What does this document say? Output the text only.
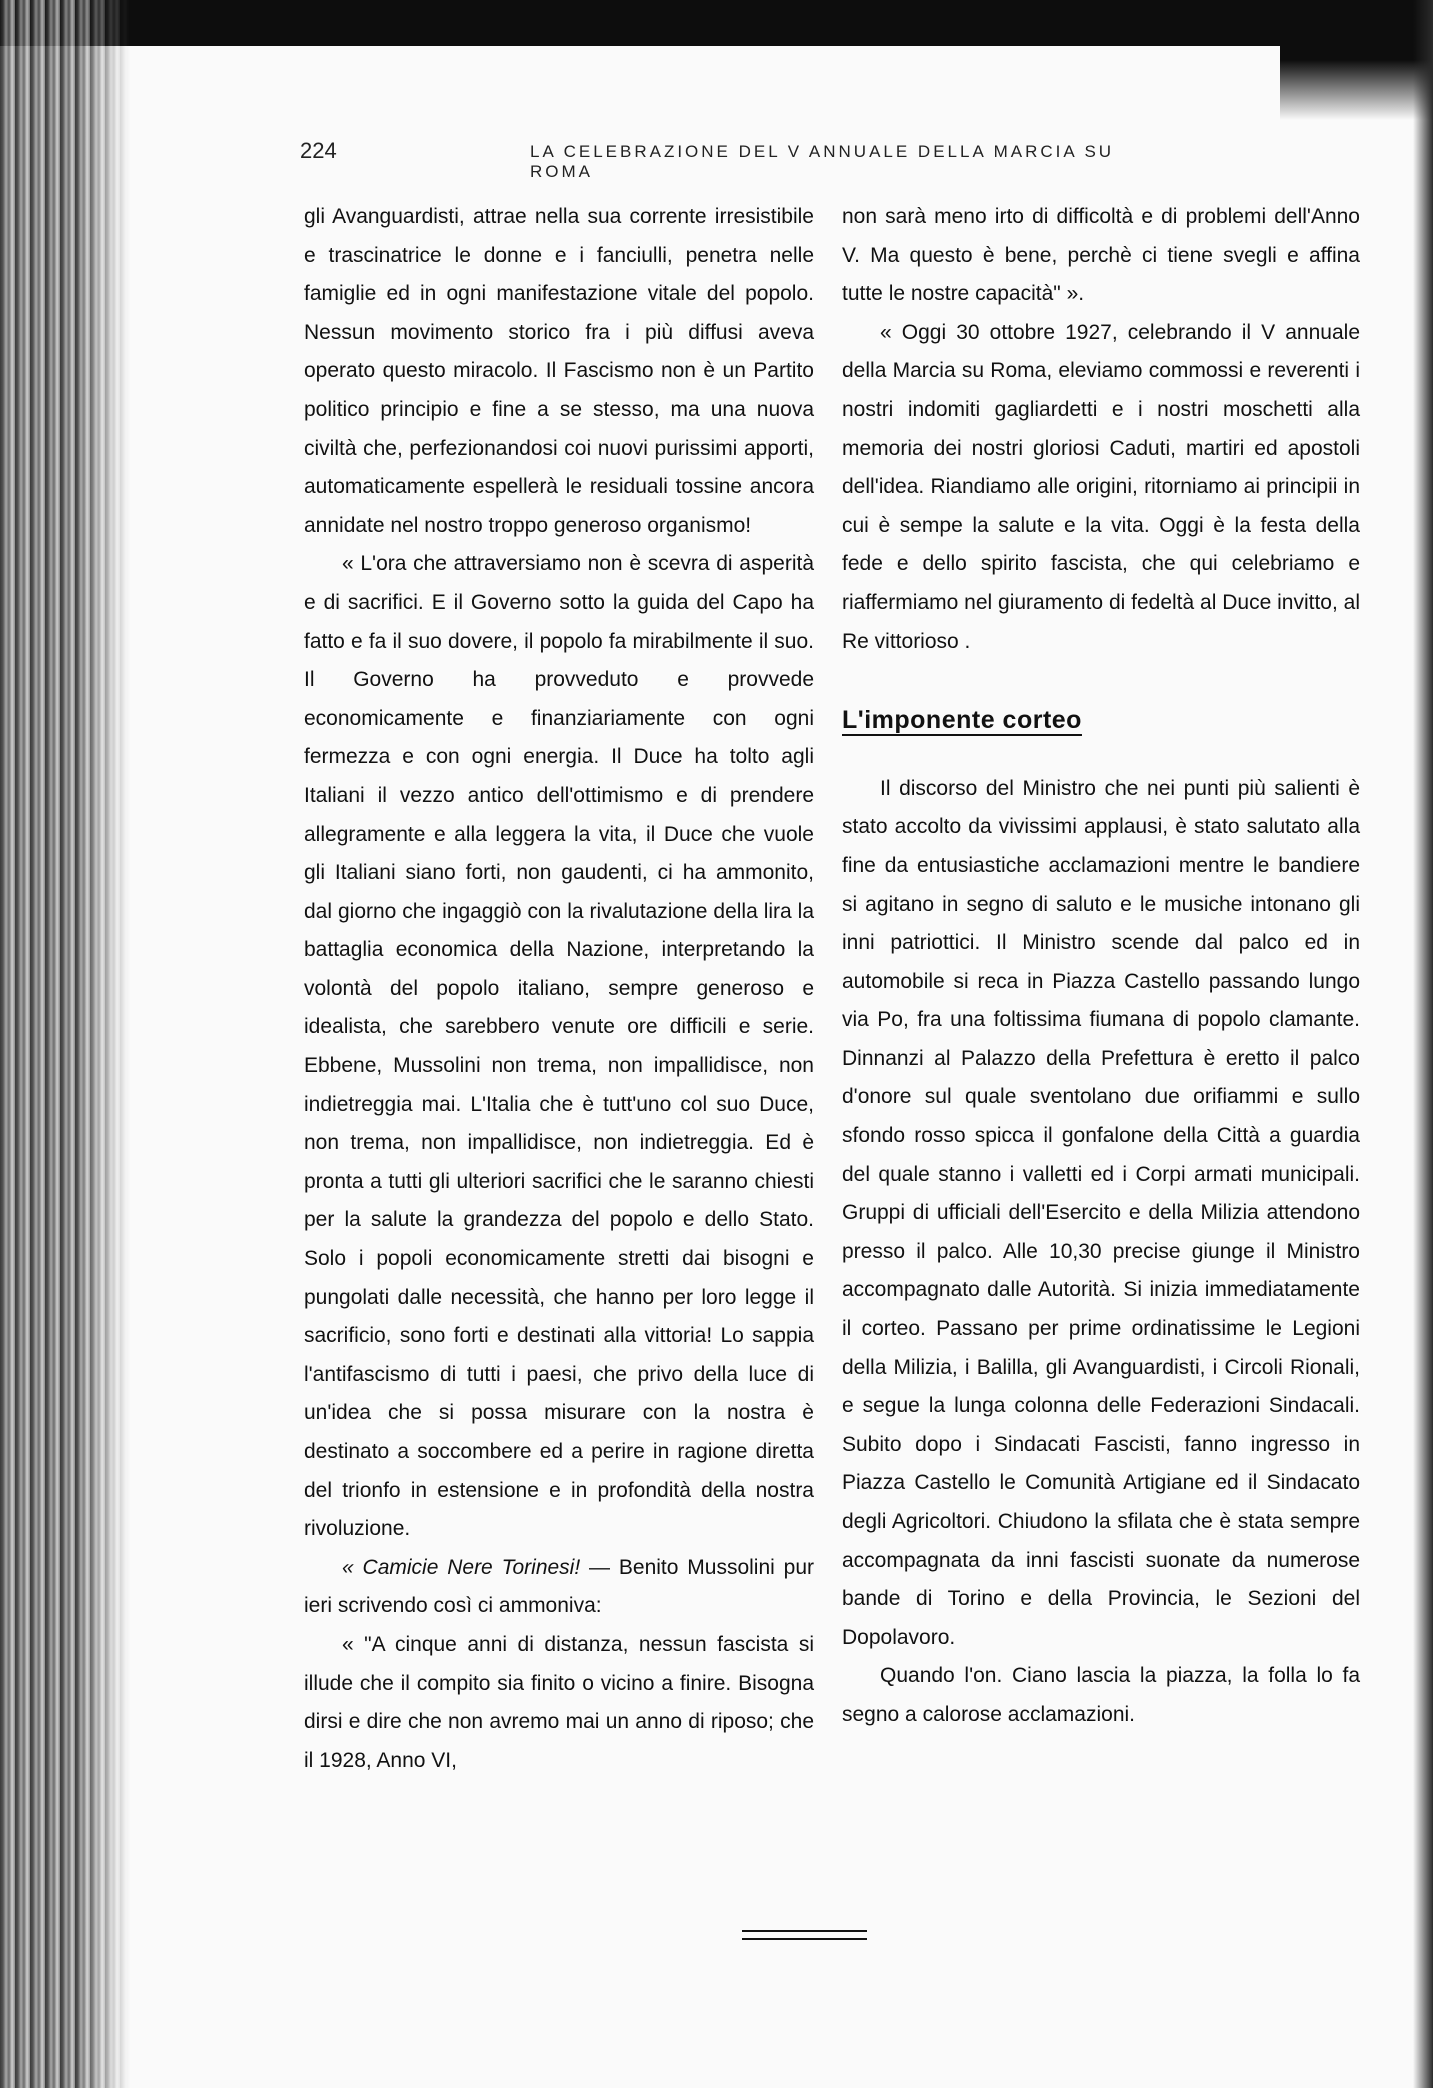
224	LA CELEBRAZIONE DEL V ANNUALE DELLA MARCIA SU ROMA

gli Avanguardisti, attrae nella sua corrente irresistibile e trascinatrice le donne e i fanciulli, penetra nelle famiglie ed in ogni manifestazione vitale del popolo. Nessun movimento storico fra i più diffusi aveva operato questo miracolo. Il Fascismo non è un Partito politico principio e fine a se stesso, ma una nuova civiltà che, perfezionandosi coi nuovi purissimi apporti, automaticamente espellerà le residuali tossine ancora annidate nel nostro troppo generoso organismo!

« L'ora che attraversiamo non è scevra di asperità e di sacrifici. E il Governo sotto la guida del Capo ha fatto e fa il suo dovere, il popolo fa mirabilmente il suo. Il Governo ha provveduto e provvede economicamente e finanziariamente con ogni fermezza e con ogni energia. Il Duce ha tolto agli Italiani il vezzo antico dell'ottimismo e di prendere allegramente e alla leggera la vita, il Duce che vuole gli Italiani siano forti, non gaudenti, ci ha ammonito, dal giorno che ingaggiò con la rivalutazione della lira la battaglia economica della Nazione, interpretando la volontà del popolo italiano, sempre generoso e idealista, che sarebbero venute ore difficili e serie. Ebbene, Mussolini non trema, non impallidisce, non indietreggia mai. L'Italia che è tutt'uno col suo Duce, non trema, non impallidisce, non indietreggia. Ed è pronta a tutti gli ulteriori sacrifici che le saranno chiesti per la salute la grandezza del popolo e dello Stato. Solo i popoli economicamente stretti dai bisogni e pungolati dalle necessità, che hanno per loro legge il sacrificio, sono forti e destinati alla vittoria! Lo sappia l'antifascismo di tutti i paesi, che privo della luce di un'idea che si possa misurare con la nostra è destinato a soccombere ed a perire in ragione diretta del trionfo in estensione e in profondità della nostra rivoluzione.

« Camicie Nere Torinesi! — Benito Mussolini pur ieri scrivendo così ci ammoniva:

« "A cinque anni di distanza, nessun fascista si illude che il compito sia finito o vicino a finire. Bisogna dirsi e dire che non avremo mai un anno di riposo; che il 1928, Anno VI,

non sarà meno irto di difficoltà e di problemi dell'Anno V. Ma questo è bene, perchè ci tiene svegli e affina tutte le nostre capacità" ».

« Oggi 30 ottobre 1927, celebrando il V annuale della Marcia su Roma, eleviamo commossi e reverenti i nostri indomiti gagliardetti e i nostri moschetti alla memoria dei nostri gloriosi Caduti, martiri ed apostoli dell'idea. Riandiamo alle origini, ritorniamo ai principii in cui è sempe la salute e la vita. Oggi è la festa della fede e dello spirito fascista, che qui celebriamo e riaffermiamo nel giuramento di fedeltà al Duce invitto, al Re vittorioso .

L'imponente corteo

Il discorso del Ministro che nei punti più salienti è stato accolto da vivissimi applausi, è stato salutato alla fine da entusiastiche acclamazioni mentre le bandiere si agitano in segno di saluto e le musiche intonano gli inni patriottici. Il Ministro scende dal palco ed in automobile si reca in Piazza Castello passando lungo via Po, fra una foltissima fiumana di popolo clamante. Dinnanzi al Palazzo della Prefettura è eretto il palco d'onore sul quale sventolano due orifiammi e sullo sfondo rosso spicca il gonfalone della Città a guardia del quale stanno i valletti ed i Corpi armati municipali. Gruppi di ufficiali dell'Esercito e della Milizia attendono presso il palco. Alle 10,30 precise giunge il Ministro accompagnato dalle Autorità. Si inizia immediatamente il corteo. Passano per prime ordinatissime le Legioni della Milizia, i Balilla, gli Avanguardisti, i Circoli Rionali, e segue la lunga colonna delle Federazioni Sindacali. Subito dopo i Sindacati Fascisti, fanno ingresso in Piazza Castello le Comunità Artigiane ed il Sindacato degli Agricoltori. Chiudono la sfilata che è stata sempre accompagnata da inni fascisti suonate da numerose bande di Torino e della Provincia, le Sezioni del Dopolavoro.

Quando l'on. Ciano lascia la piazza, la folla lo fa segno a calorose acclamazioni.
